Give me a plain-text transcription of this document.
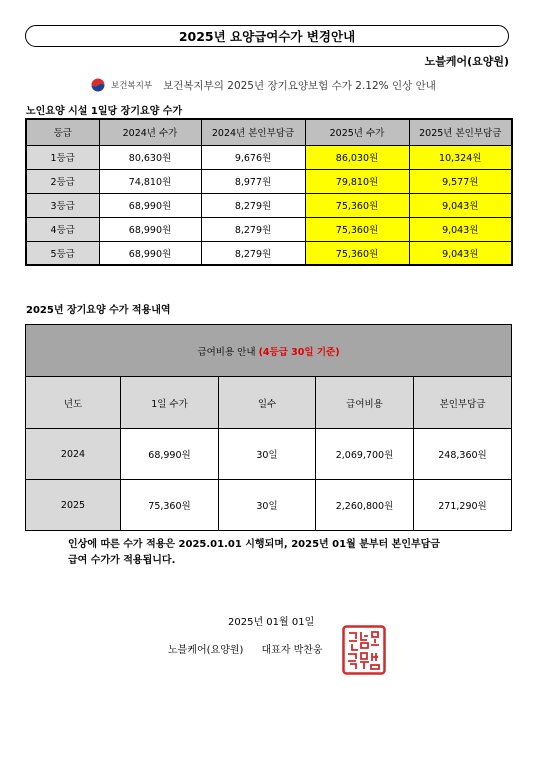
2025년 요양급여수가 변경안내
노블케어(요양원)
보건복지부 보건복지부의 2025년 장기요양보험 수가 2.12% 인상 안내
노인요양 시설 1일당 장기요양 수가
등급	2024년 수가	2024년 본인부담금	2025년 수가	2025년 본인부담금
1등급	80,630원	9,676원	86,030원	10,324원
2등급	74,810원	8,977원	79,810원	9,577원
3등급	68,990원	8,279원	75,360원	9,043원
4등급	68,990원	8,279원	75,360원	9,043원
5등급	68,990원	8,279원	75,360원	9,043원
2025년 장기요양 수가 적용내역
급여비용 안내 (4등급 30일 기준)				
년도	1일 수가	일수	급여비용	본인부담금
2024	68,990원	30일	2,069,700원	248,360원
2025	75,360원	30일	2,260,800원	271,290원
인상에 따른 수가 적용은 2025.01.01 시행되며, 2025년 01월 분부터 본인부담금
급여 수가가 적용됩니다.
2025년 01월 01일
노블케어(요양원) 대표자 박찬웅
